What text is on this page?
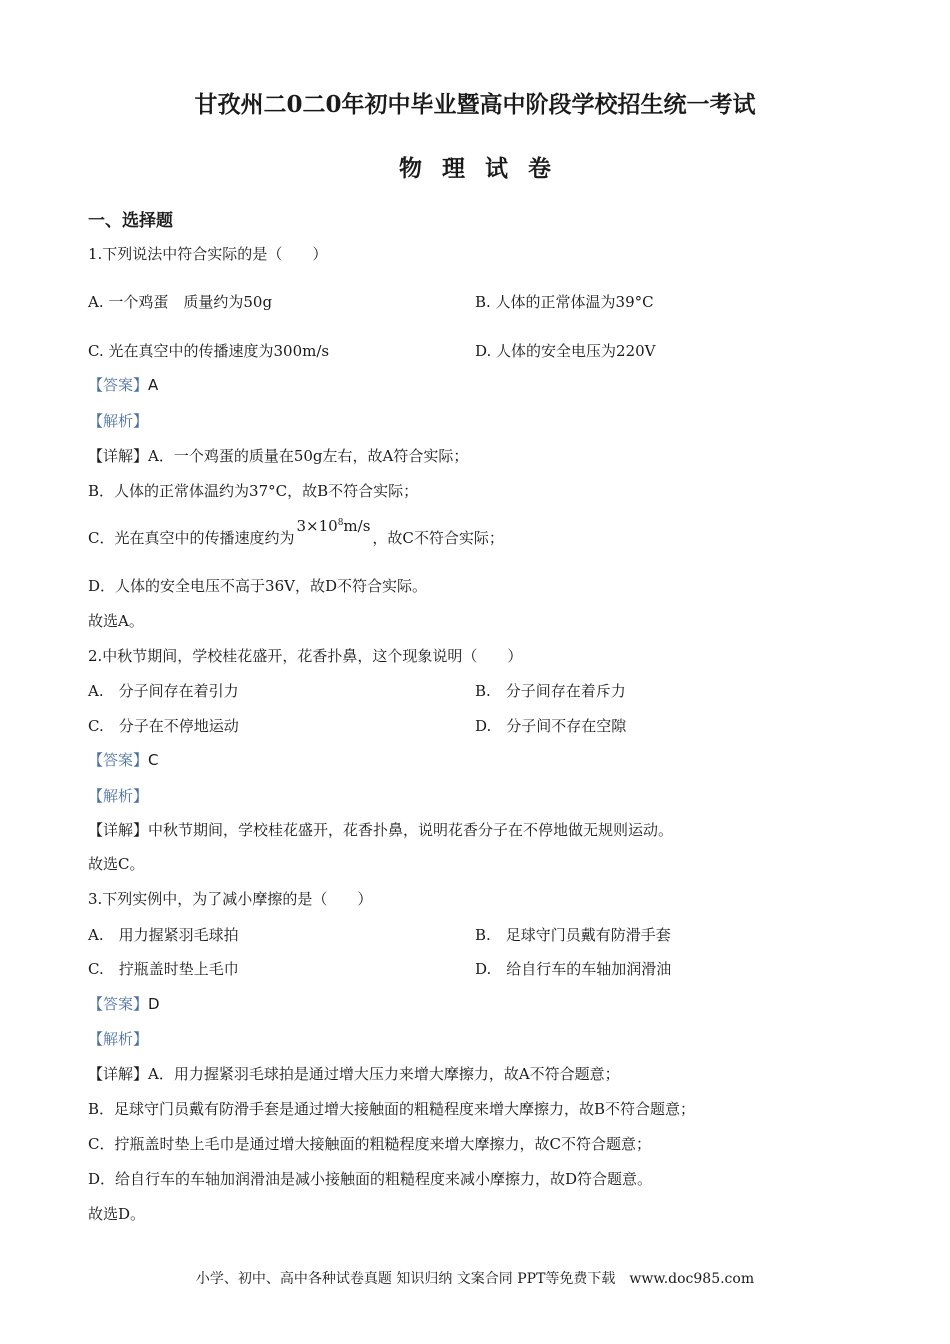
甘孜州二0二0年初中毕业暨高中阶段学校招生统一考试
物理试卷
一、选择题
1.下列说法中符合实际的是（　　）
A. 一个鸡蛋　质量约为50g	B. 人体的正常体温为39°C
C. 光在真空中的传播速度为300m/s	D. 人体的安全电压为220V
【答案】A
【解析】
【详解】A．一个鸡蛋的质量在50g左右，故A符合实际；
B．人体的正常体温约为37°C，故B不符合实际；
C．光在真空中的传播速度约为$3\times 10^8m/s$，故C不符合实际；
D．人体的安全电压不高于36V，故D不符合实际。
故选A。
2.中秋节期间，学校桂花盛开，花香扑鼻，这个现象说明（　　）
A.　分子间存在着引力	B.　分子间存在着斥力
C.　分子在不停地运动	D.　分子间不存在空隙
【答案】C
【解析】
【详解】中秋节期间，学校桂花盛开，花香扑鼻，说明花香分子在不停地做无规则运动。
故选C。
3.下列实例中，为了减小摩擦的是（　　）
A.　用力握紧羽毛球拍	B.　足球守门员戴有防滑手套
C.　拧瓶盖时垫上毛巾	D.　给自行车的车轴加润滑油
【答案】D
【解析】
【详解】A．用力握紧羽毛球拍是通过增大压力来增大摩擦力，故A不符合题意；
B．足球守门员戴有防滑手套是通过增大接触面的粗糙程度来增大摩擦力，故B不符合题意；
C．拧瓶盖时垫上毛巾是通过增大接触面的粗糙程度来增大摩擦力，故C不符合题意；
D．给自行车的车轴加润滑油是减小接触面的粗糙程度来减小摩擦力，故D符合题意。
故选D。
小学、初中、高中各种试卷真题 知识归纳 文案合同 PPT等免费下载　www.doc985.com
